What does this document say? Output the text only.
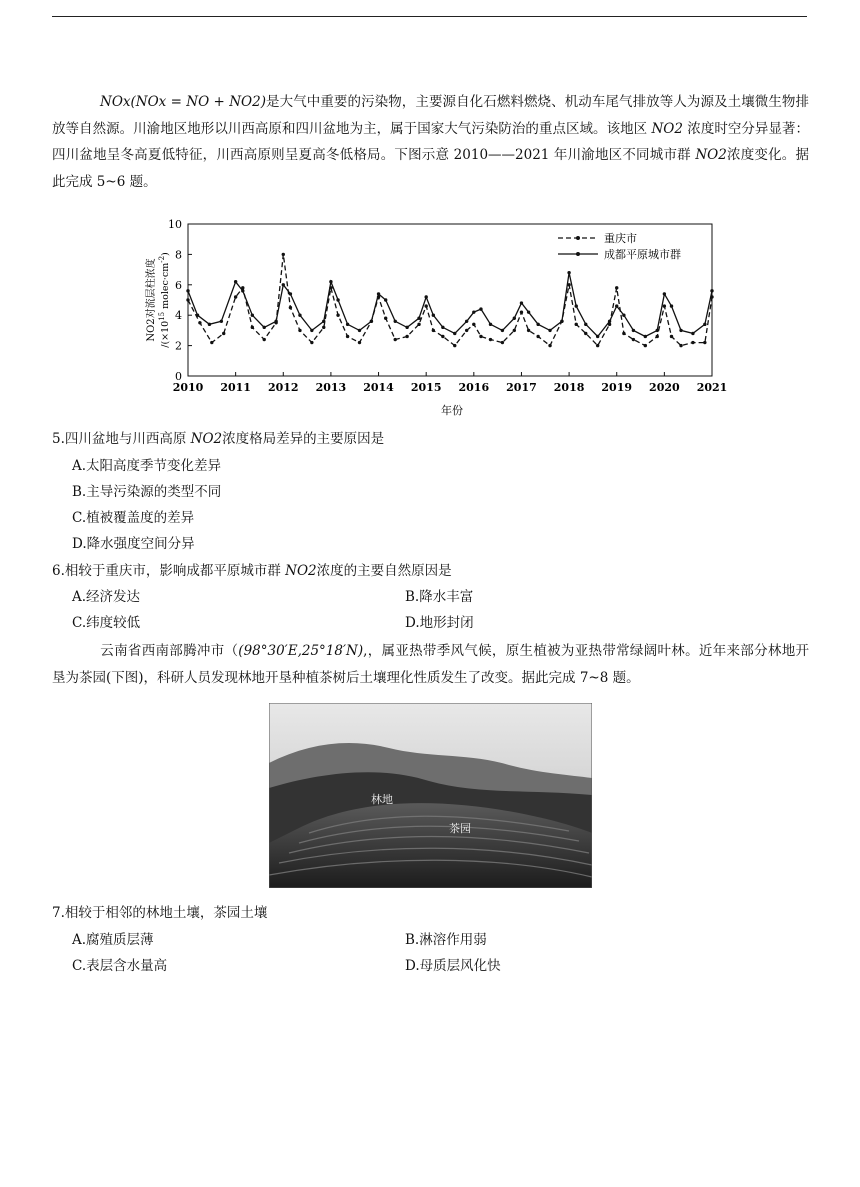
NOx(NOx = NO + NO2)是大气中重要的污染物，主要源自化石燃料燃烧、机动车尾气排放等人为源及土壤微生物排放等自然源。川渝地区地形以川西高原和四川盆地为主，属于国家大气污染防治的重点区域。该地区 NO2 浓度时空分异显著：四川盆地呈冬高夏低特征，川西高原则呈夏高冬低格局。下图示意 2010——2021 年川渝地区不同城市群 NO2浓度变化。据此完成 5~6 题。
NO2对流层柱浓度 $/(\times 10^{15}$ $molec\cdot cm^{-2}$)
0
2
4
6
8
10
2010 2011 2012 2013 2014 2015 2016 2017 2018 2019 2020 2021
重庆市
成都平原城市群
年份
5.四川盆地与川西高原 NO2浓度格局差异的主要原因是
A.太阳高度季节变化差异
B.主导污染源的类型不同
C.植被覆盖度的差异
D.降水强度空间分异
6.相较于重庆市，影响成都平原城市群 NO2浓度的主要自然原因是
A.经济发达	B.降水丰富
C.纬度较低	D.地形封闭
云南省西南部腾冲市（(98°30′E,25°18′N),，属亚热带季风气候，原生植被为亚热带常绿阔叶林。近年来部分林地开垦为茶园(下图)，科研人员发现林地开垦种植茶树后土壤理化性质发生了改变。据此完成 7~8 题。
林地
茶园
7.相较于相邻的林地土壤，茶园土壤
A.腐殖质层薄	B.淋溶作用弱
C.表层含水量高	D.母质层风化快
